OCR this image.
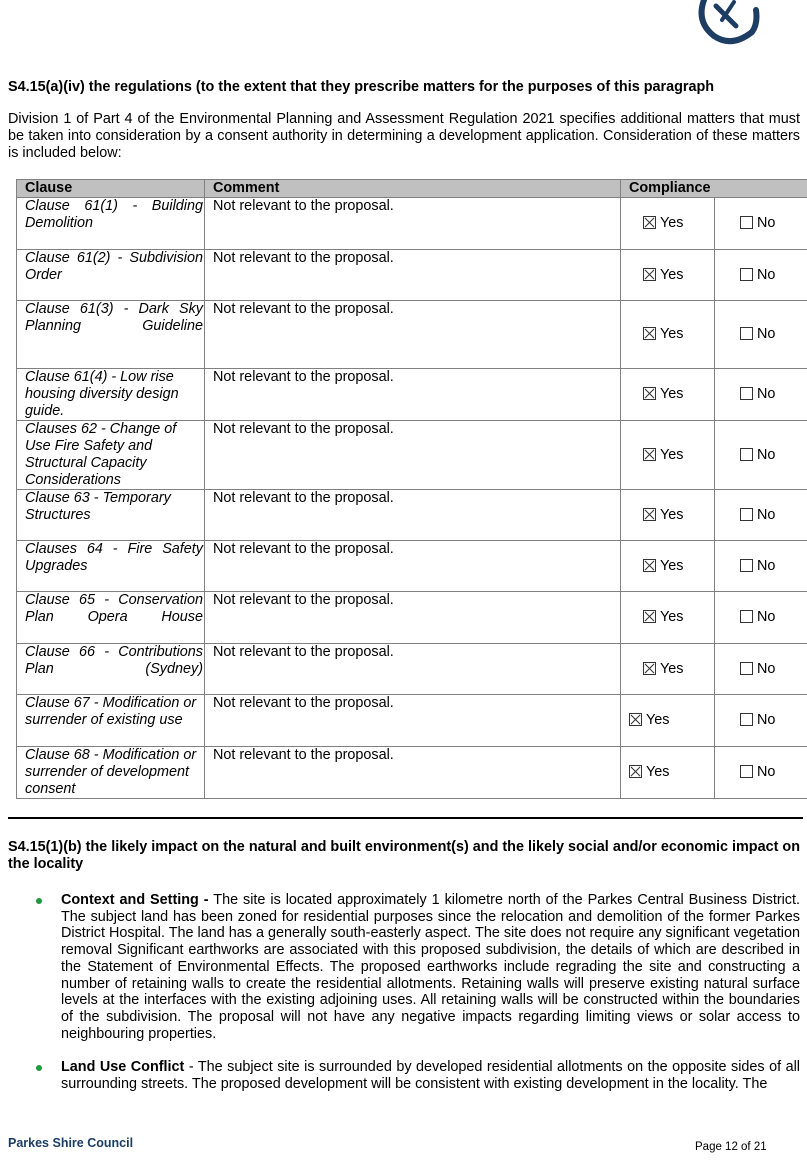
S4.15(a)(iv) the regulations (to the extent that they prescribe matters for the purposes of this paragraph
Division 1 of Part 4 of the Environmental Planning and Assessment Regulation 2021 specifies additional matters that must be taken into consideration by a consent authority in determining a development application. Consideration of these matters is included below:
Clause	Comment	Compliance	
Clause 61(1) - Building Demolition	Not relevant to the proposal.	Yes	No
Clause 61(2) - Subdivision Order	Not relevant to the proposal.	Yes	No
Clause 61(3) - Dark Sky Planning Guideline	Not relevant to the proposal.	Yes	No
Clause 61(4) - Low rise housing diversity design guide.	Not relevant to the proposal.	Yes	No
Clauses 62 - Change of Use Fire Safety and Structural Capacity Considerations	Not relevant to the proposal.	Yes	No
Clause 63 - Temporary Structures	Not relevant to the proposal.	Yes	No
Clauses 64 - Fire Safety Upgrades	Not relevant to the proposal.	Yes	No
Clause 65 - Conservation Plan Opera House	Not relevant to the proposal.	Yes	No
Clause 66 - Contributions Plan (Sydney)	Not relevant to the proposal.	Yes	No
Clause 67 - Modification or surrender of existing use	Not relevant to the proposal.	Yes	No
Clause 68 - Modification or surrender of development consent	Not relevant to the proposal.	Yes	No
S4.15(1)(b) the likely impact on the natural and built environment(s) and the likely social and/or economic impact on the locality
Context and Setting - The site is located approximately 1 kilometre north of the Parkes Central Business District. The subject land has been zoned for residential purposes since the relocation and demolition of the former Parkes District Hospital. The land has a generally south-easterly aspect. The site does not require any significant vegetation removal Significant earthworks are associated with this proposed subdivision, the details of which are described in the Statement of Environmental Effects. The proposed earthworks include regrading the site and constructing a number of retaining walls to create the residential allotments. Retaining walls will preserve existing natural surface levels at the interfaces with the existing adjoining uses. All retaining walls will be constructed within the boundaries of the subdivision. The proposal will not have any negative impacts regarding limiting views or solar access to neighbouring properties.
Land Use Conflict - The subject site is surrounded by developed residential allotments on the opposite sides of all surrounding streets. The proposed development will be consistent with existing development in the locality. The
Parkes Shire Council	Page 12 of 21
